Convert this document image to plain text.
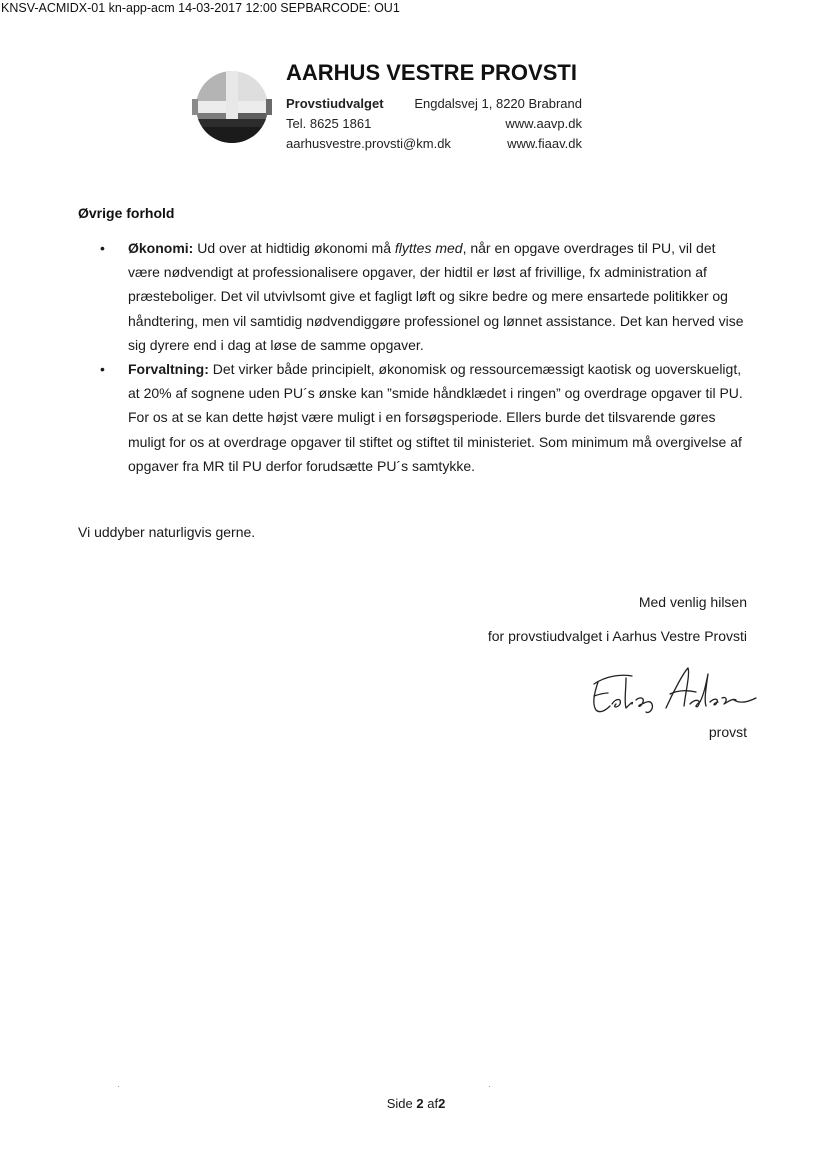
KNSV-ACMIDX-01 kn-app-acm 14-03-2017 12:00 SEPBARCODE: OU1
AARHUS VESTRE PROVSTI
Provstiudvalget Engdalsvej 1, 8220 Brabrand
Tel. 8625 1861	www.aavp.dk
aarhusvestre.provsti@km.dk	www.fiaav.dk
Øvrige forhold
• Økonomi: Ud over at hidtidig økonomi må flyttes med, når en opgave overdrages til PU, vil det være nødvendigt at professionalisere opgaver, der hidtil er løst af frivillige, fx administration af præsteboliger. Det vil utvivlsomt give et fagligt løft og sikre bedre og mere ensartede politikker og håndtering, men vil samtidig nødvendiggøre professionel og lønnet assistance. Det kan herved vise sig dyrere end i dag at løse de samme opgaver.
• Forvaltning: Det virker både principielt, økonomisk og ressourcemæssigt kaotisk og uoverskueligt, at 20% af sognene uden PU´s ønske kan ”smide håndklædet i ringen” og overdrage opgaver til PU. For os at se kan dette højst være muligt i en forsøgsperiode. Ellers burde det tilsvarende gøres muligt for os at overdrage opgaver til stiftet og stiftet til ministeriet. Som minimum må overgivelse af opgaver fra MR til PU derfor forudsætte PU´s samtykke.
Vi uddyber naturligvis gerne.
Med venlig hilsen
for provstiudvalget i Aarhus Vestre Provsti
provst
Side 2 af2
